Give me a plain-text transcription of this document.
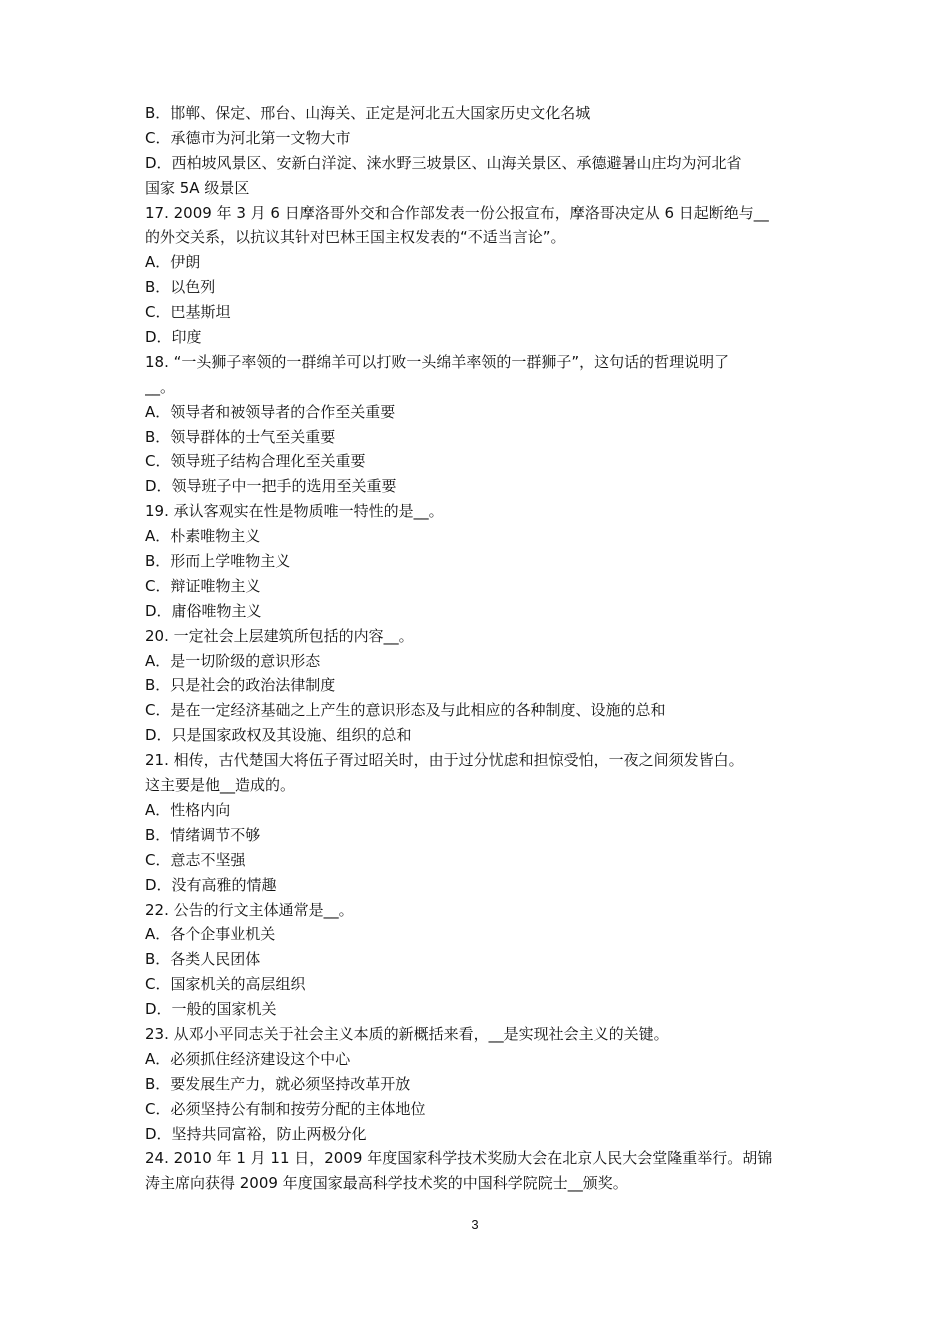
B．邯郸、保定、邢台、山海关、正定是河北五大国家历史文化名城
C．承德市为河北第一文物大市
D．西柏坡风景区、安新白洋淀、涞水野三坡景区、山海关景区、承德避暑山庄均为河北省
国家 5A 级景区
17. 2009 年 3 月 6 日摩洛哥外交和合作部发表一份公报宣布，摩洛哥决定从 6 日起断绝与__
的外交关系，以抗议其针对巴林王国主权发表的“不适当言论”。
A．伊朗
B．以色列
C．巴基斯坦
D．印度
18. “一头狮子率领的一群绵羊可以打败一头绵羊率领的一群狮子”，这句话的哲理说明了
__。
A．领导者和被领导者的合作至关重要
B．领导群体的士气至关重要
C．领导班子结构合理化至关重要
D．领导班子中一把手的选用至关重要
19. 承认客观实在性是物质唯一特性的是__。
A．朴素唯物主义
B．形而上学唯物主义
C．辩证唯物主义
D．庸俗唯物主义
20. 一定社会上层建筑所包括的内容__。
A．是一切阶级的意识形态
B．只是社会的政治法律制度
C．是在一定经济基础之上产生的意识形态及与此相应的各种制度、设施的总和
D．只是国家政权及其设施、组织的总和
21. 相传，古代楚国大将伍子胥过昭关时，由于过分忧虑和担惊受怕，一夜之间须发皆白。
这主要是他__造成的。
A．性格内向
B．情绪调节不够
C．意志不坚强
D．没有高雅的情趣
22. 公告的行文主体通常是__。
A．各个企事业机关
B．各类人民团体
C．国家机关的高层组织
D．一般的国家机关
23. 从邓小平同志关于社会主义本质的新概括来看，__是实现社会主义的关键。
A．必须抓住经济建设这个中心
B．要发展生产力，就必须坚持改革开放
C．必须坚持公有制和按劳分配的主体地位
D．坚持共同富裕，防止两极分化
24. 2010 年 1 月 11 日，2009 年度国家科学技术奖励大会在北京人民大会堂隆重举行。胡锦
涛主席向获得 2009 年度国家最高科学技术奖的中国科学院院士__颁奖。
3
